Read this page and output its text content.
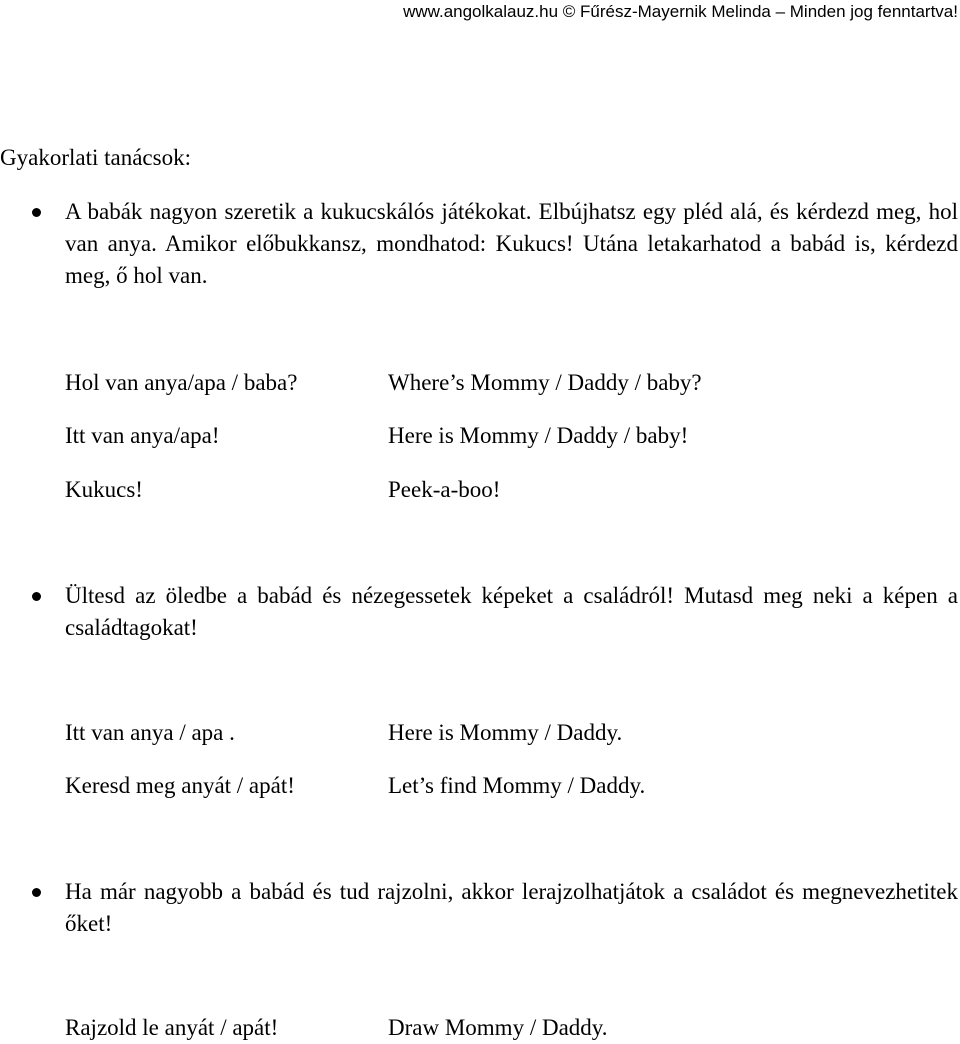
www.angolkalauz.hu © Fűrész-Mayernik Melinda – Minden jog fenntartva!
Gyakorlati tanácsok:
A babák nagyon szeretik a kukucskálós játékokat. Elbújhatsz egy pléd alá, és kérdezd meg, hol van anya. Amikor előbukkansz, mondhatod: Kukucs! Utána letakarhatod a babád is, kérdezd meg, ő hol van.
Hol van anya/apa / baba?	Where’s Mommy / Daddy / baby?
Itt van anya/apa!	Here is Mommy / Daddy / baby!
Kukucs!	Peek-a-boo!
Ültesd az öledbe a babád és nézegessetek képeket a családról! Mutasd meg neki a képen a családtagokat!
Itt van anya / apa .	Here is Mommy / Daddy.
Keresd meg anyát / apát!	Let’s find Mommy / Daddy.
Ha már nagyobb a babád és tud rajzolni, akkor lerajzolhatjátok a családot és megnevezhetitek őket!
Rajzold le anyát / apát!	Draw Mommy / Daddy.
